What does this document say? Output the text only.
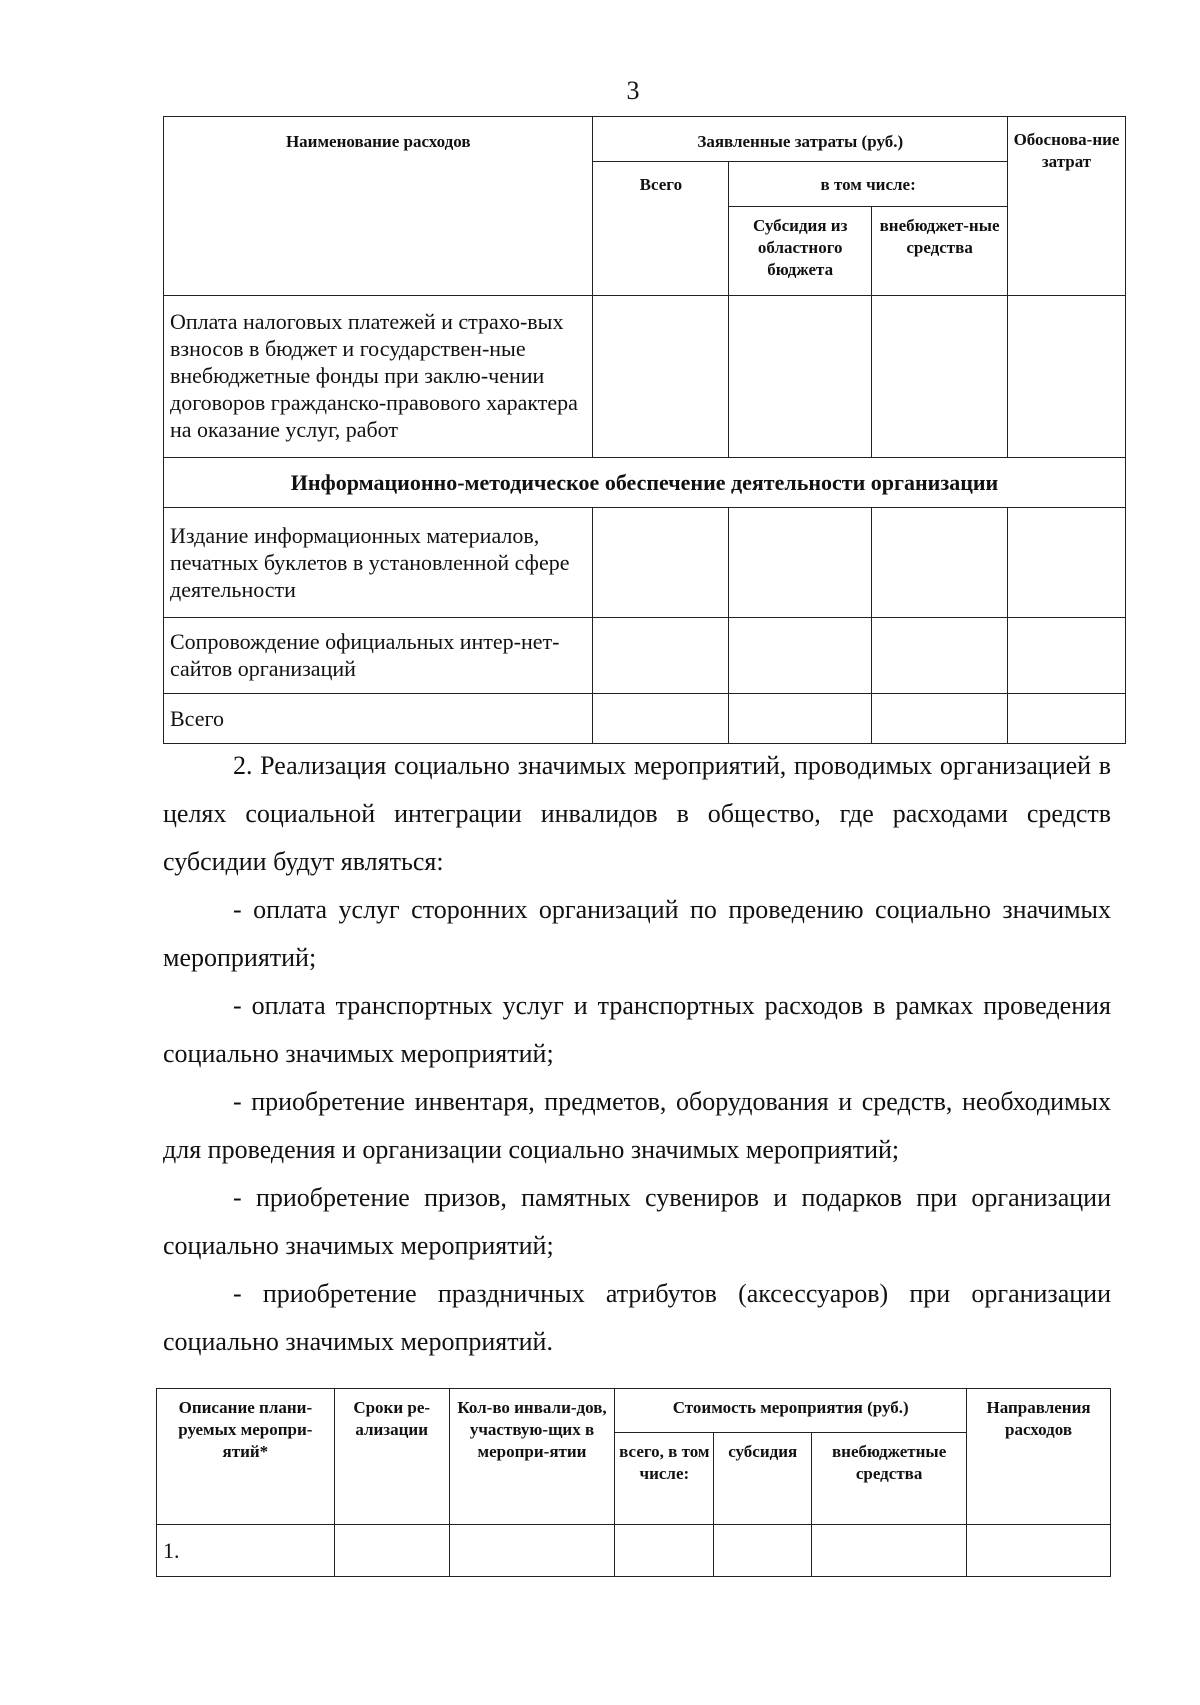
3
Наименование расходов	Заявленные затраты (руб.)			Обоснова-ние затрат
	Всего	в том числе:		
		Субсидия из областного бюджета	внебюджет-ные средства	
Оплата налоговых платежей и страхо-вых взносов в бюджет и государствен-ные внебюджетные фонды при заклю-чении договоров гражданско-правового характера на оказание услуг, работ				
Информационно-методическое обеспечение деятельности организации				
Издание информационных материалов, печатных буклетов в установленной сфере деятельности				
Сопровождение официальных интер-нет-сайтов организаций				
Всего				

2. Реализация социально значимых мероприятий, проводимых организацией в целях социальной интеграции инвалидов в общество, где расходами средств субсидии будут являться:

- оплата услуг сторонних организаций по проведению социально значимых мероприятий;

- оплата транспортных услуг и транспортных расходов в рамках проведения социально значимых мероприятий;

- приобретение инвентаря, предметов, оборудования и средств, необходимых для проведения и организации социально значимых мероприятий;

- приобретение призов, памятных сувениров и подарков при организации социально значимых мероприятий;

- приобретение праздничных атрибутов (аксессуаров) при организации социально значимых мероприятий.

Описание плани-руемых меропри-ятий*	Сроки ре-ализации	Кол-во инвали-дов, участвую-щих в меропри-ятии	Стоимость мероприятия (руб.)			Направления расходов
			всего, в том числе:	субсидия	внебюджетные средства	
1.						
